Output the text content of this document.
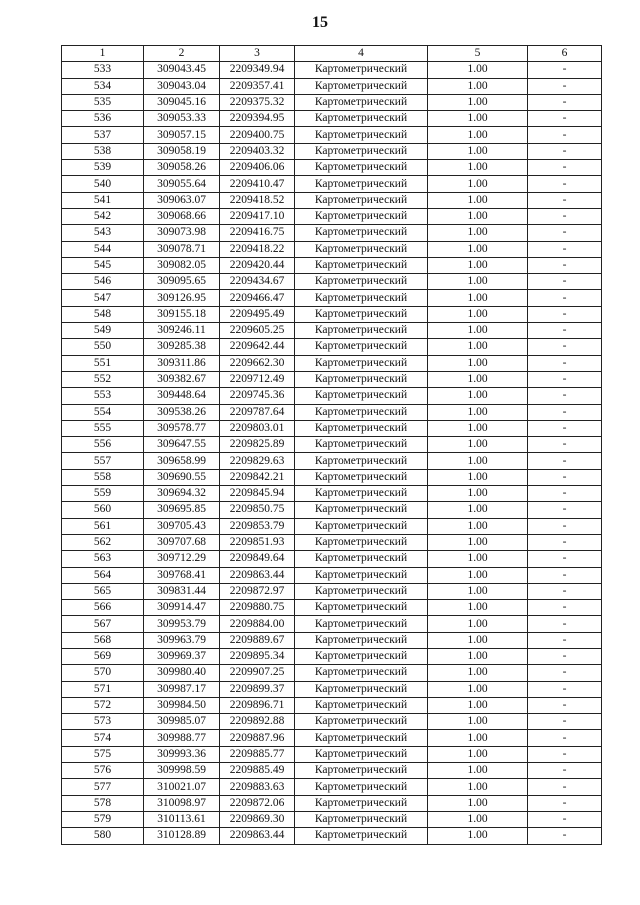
15
1	2	3	4	5	6
533	309043.45	2209349.94	Картометрический	1.00	-
534	309043.04	2209357.41	Картометрический	1.00	-
535	309045.16	2209375.32	Картометрический	1.00	-
536	309053.33	2209394.95	Картометрический	1.00	-
537	309057.15	2209400.75	Картометрический	1.00	-
538	309058.19	2209403.32	Картометрический	1.00	-
539	309058.26	2209406.06	Картометрический	1.00	-
540	309055.64	2209410.47	Картометрический	1.00	-
541	309063.07	2209418.52	Картометрический	1.00	-
542	309068.66	2209417.10	Картометрический	1.00	-
543	309073.98	2209416.75	Картометрический	1.00	-
544	309078.71	2209418.22	Картометрический	1.00	-
545	309082.05	2209420.44	Картометрический	1.00	-
546	309095.65	2209434.67	Картометрический	1.00	-
547	309126.95	2209466.47	Картометрический	1.00	-
548	309155.18	2209495.49	Картометрический	1.00	-
549	309246.11	2209605.25	Картометрический	1.00	-
550	309285.38	2209642.44	Картометрический	1.00	-
551	309311.86	2209662.30	Картометрический	1.00	-
552	309382.67	2209712.49	Картометрический	1.00	-
553	309448.64	2209745.36	Картометрический	1.00	-
554	309538.26	2209787.64	Картометрический	1.00	-
555	309578.77	2209803.01	Картометрический	1.00	-
556	309647.55	2209825.89	Картометрический	1.00	-
557	309658.99	2209829.63	Картометрический	1.00	-
558	309690.55	2209842.21	Картометрический	1.00	-
559	309694.32	2209845.94	Картометрический	1.00	-
560	309695.85	2209850.75	Картометрический	1.00	-
561	309705.43	2209853.79	Картометрический	1.00	-
562	309707.68	2209851.93	Картометрический	1.00	-
563	309712.29	2209849.64	Картометрический	1.00	-
564	309768.41	2209863.44	Картометрический	1.00	-
565	309831.44	2209872.97	Картометрический	1.00	-
566	309914.47	2209880.75	Картометрический	1.00	-
567	309953.79	2209884.00	Картометрический	1.00	-
568	309963.79	2209889.67	Картометрический	1.00	-
569	309969.37	2209895.34	Картометрический	1.00	-
570	309980.40	2209907.25	Картометрический	1.00	-
571	309987.17	2209899.37	Картометрический	1.00	-
572	309984.50	2209896.71	Картометрический	1.00	-
573	309985.07	2209892.88	Картометрический	1.00	-
574	309988.77	2209887.96	Картометрический	1.00	-
575	309993.36	2209885.77	Картометрический	1.00	-
576	309998.59	2209885.49	Картометрический	1.00	-
577	310021.07	2209883.63	Картометрический	1.00	-
578	310098.97	2209872.06	Картометрический	1.00	-
579	310113.61	2209869.30	Картометрический	1.00	-
580	310128.89	2209863.44	Картометрический	1.00	-
